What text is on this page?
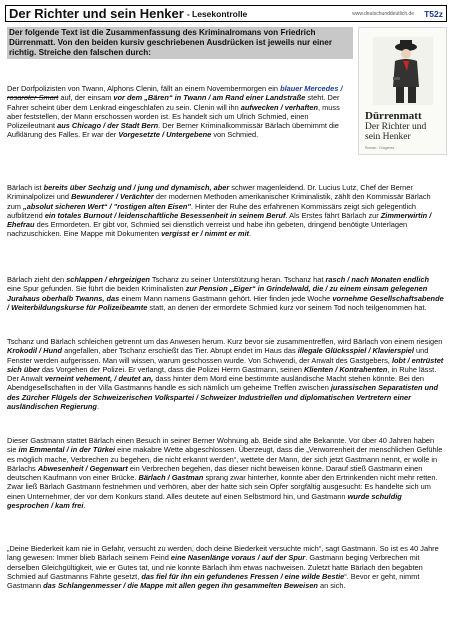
Der Richter und sein Henker - Lesekontrolle	www.deutschunddeutlich.de T52z
Der folgende Text ist die Zusammenfassung des Kriminalromans von Friedrich Dürrenmatt. Von den beiden kursiv geschriebenen Ausdrücken ist jeweils nur einer richtig. Streiche den falschen durch:
Dürrenmatt
Der Richter und sein Henker
Roman · Diogenes
Der Dorfpolizisten von Twann, Alphons Clenin, fällt an einem Novembermorgen ein blauer Mercedes / rosaroter Smart auf, der einsam vor dem „Bären“ in Twann / am Rand einer Landstraße steht. Der Fahrer scheint über dem Lenkrad eingeschlafen zu sein. Clenin will ihn aufwecken / verhaften, muss aber feststellen, der Mann erschossen worden ist. Es handelt sich um Ulrich Schmied, einen Polizeileutnant aus Chicago / der Stadt Bern. Der Berner Kriminalkommissär Bärlach übernimmt die Aufklärung des Falles. Er war der Vorgesetzte / Untergebene von Schmied.
Bärlach ist bereits über Sechzig und / jung und dynamisch, aber schwer magenleidend. Dr. Lucius Lutz, Chef der Berner Kriminalpolizei und Bewunderer / Verächter der modernen Methoden amerikanischer Kriminalistik, zählt den Kommissär Bärlach zum „absolut sicheren Wert“ / "rostigen alten Eisen". Hinter der Ruhe des erfahrenen Kommissärs zeigt sich gelegentlich aufblitzend ein totales Burnout / leidenschaftliche Besessenheit in seinem Beruf. Als Erstes fährt Bärlach zur Zimmerwirtin / Ehefrau des Ermordeten. Er gibt vor, Schmied sei dienstlich verreist und habe ihn gebeten, dringend benötigte Unterlagen nachzuschicken. Eine Mappe mit Dokumenten vergisst er / nimmt er mit.
Bärlach zieht den schlappen / ehrgeizigen Tschanz zu seiner Unterstützung heran. Tschanz hat rasch / nach Monaten endlich eine Spur gefunden. Sie führt die beiden Kriminalisten zur Pension „Eiger“ in Grindelwald, die / zu einem einsam gelegenen Jurahaus oberhalb Twanns, das einem Mann namens Gastmann gehört. Hier finden jede Woche vornehme Gesellschaftsabende / Weiterbildungskurse für Polizeibeamte statt, an denen der ermordete Schmied kurz vor seinem Tod noch teilgenommen hat.
Tschanz und Bärlach schleichen getrennt um das Anwesen herum. Kurz bevor sie zusammentreffen, wird Bärlach von einem riesigen Krokodil / Hund angefallen, aber Tschanz erschießt das Tier. Abrupt endet im Haus das illegale Glücksspiel / Klavierspiel und Fenster werden aufgerissen. Man will wissen, warum geschossen wurde. Von Schwendi, der Anwalt des Gastgebers, lobt / entrüstet sich über das Vorgehen der Polizei. Er verlangt, dass die Polizei Herrn Gastmann, seinen Klienten / Kontrahenten, in Ruhe lässt. Der Anwalt verneint vehement, / deutet an, dass hinter dem Mord eine bestimmte ausländische Macht stehen könnte. Bei den Abendgesellschaften in der Villa Gastmanns handle es sich nämlich um geheime Treffen zwischen jurassischen Separatisten und des Zürcher Flügels der Schweizerischen Volkspartei / Schweizer Industriellen und diplomatischen Vertretern einer ausländischen Regierung.
Dieser Gastmann stattet Bärlach einen Besuch in seiner Berner Wohnung ab. Beide sind alte Bekannte. Vor über 40 Jahren haben sie im Emmental / in der Türkei eine makabre Wette abgeschlossen. Überzeugt, dass die „Verworrenheit der menschlichen Gefühle es möglich mache, Verbrechen zu begehen, die nicht erkannt werden“, wettete der Mann, der sich jetzt Gastmann nennt, er wolle in Bärlachs Abwesenheit / Gegenwart ein Verbrechen begehen, das dieser nicht beweisen könne. Darauf stieß Gastmann einen deutschen Kaufmann von einer Brücke. Bärlach / Gastman sprang zwar hinterher, konnte aber den Ertrinkenden nicht mehr retten. Zwar ließ Bärlach Gastmann festnehmen und verhören, aber der hatte sich sein Opfer sorgfältig ausgesucht: Es handelte sich um einen Unternehmer, der vor dem Konkurs stand. Alles deutete auf einen Selbstmord hin, und Gastmann wurde schuldig gesprochen / kam frei.
„Deine Biederkeit kam nie in Gefahr, versucht zu werden, doch deine Biederkeit versuchte mich“, sagt Gastmann. So ist es 40 Jahre lang gewesen: Immer blieb Bärlach seinem Feind eine Nasenlänge voraus / auf der Spur. Gastmann beging Verbrechen mit derselben Gleichgültigkeit, wie er Gutes tat, und nie konnte Bärlach ihm etwas nachweisen. Zuletzt hatte Bärlach den begabten Schmied auf Gastmanns Fährte gesetzt, das fiel für ihn ein gefundenes Fressen / eine wilde Bestie“. Bevor er geht, nimmt Gastmann das Schlangenmesser / die Mappe mit allen gegen ihn gesammelten Beweisen an sich.
